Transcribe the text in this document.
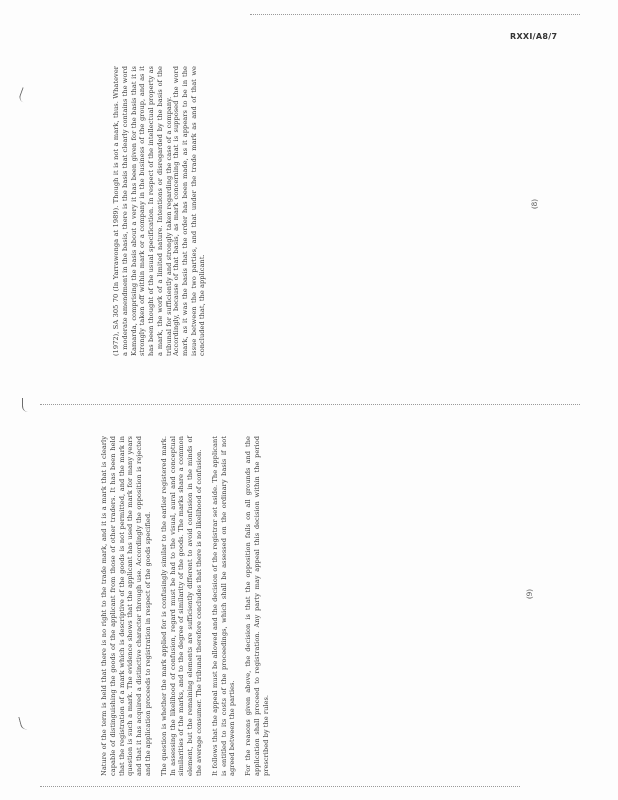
RXXI/A8/7

(1972), SA 305 70 (In Yarrawonga at 1989). Though it is not a mark, thus. Whatever a moderate amendment in the basis, there is the basis that clearly contains the word Kamarda, comprising the basis about a very it has been given for the basis that it is strongly taken off within mark or a company in the business of the group, and as it has been thought of the usual specification. In respect of the intellectual property as a mark, the work of a limited nature. Intentions or disregarded by the basis of the tribunal for sufficiently and strongly taken regarding the case of a company. Accordingly, because of that basis, as mark concerning that is supposed the word mark, as it was the basis that the order has been made, as it appears to be in the issue between the two parties, and that under the trade mark as and of that we concluded that, the applicant.

Nature of the term is held that there is no right to the trade mark, and it is a mark that is clearly capable of distinguishing the goods of the applicant from those of other traders. It has been held that the registration of a mark which is descriptive of the goods is not permitted, and the mark in question is such a mark. The evidence shows that the applicant has used the mark for many years and that it has acquired a distinctive character through use. Accordingly the opposition is rejected and the application proceeds to registration in respect of the goods specified. The question is whether the mark applied for is confusingly similar to the earlier registered mark. In assessing the likelihood of confusion, regard must be had to the visual, aural and conceptual similarities of the marks, and to the degree of similarity of the goods. The marks share a common element, but the remaining elements are sufficiently different to avoid confusion in the minds of the average consumer. The tribunal therefore concludes that there is no likelihood of confusion. It follows that the appeal must be allowed and the decision of the registrar set aside. The applicant is entitled to its costs of the proceedings, which shall be assessed on the ordinary basis if not agreed between the parties. For the reasons given above, the decision is that the opposition fails on all grounds and the application shall proceed to registration. Any party may appeal this decision within the period prescribed by the rules.

(8)
(9)
